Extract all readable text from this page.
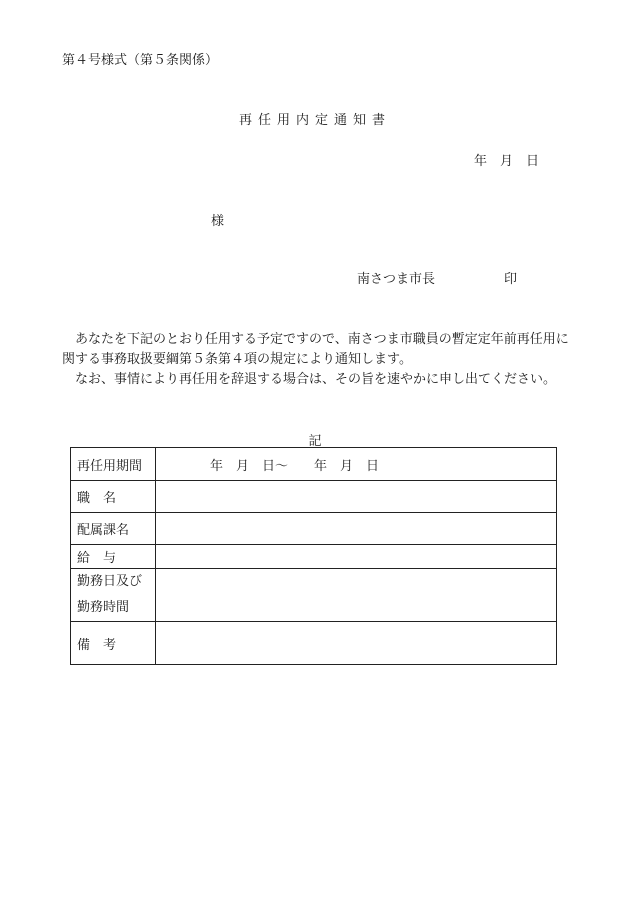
第４号様式（第５条関係）
再任用内定通知書
年　月　日
様
南さつま市長	印
あなたを下記のとおり任用する予定ですので、南さつま市職員の暫定定年前再任用に関する事務取扱要綱第５条第４項の規定により通知します。
なお、事情により再任用を辞退する場合は、その旨を速やかに申し出てください。
記
再任用期間	年　月　日～　　年　月　日
職　名	
配属課名	
給　与	

勤務日及び
勤務時間	

備　考	
